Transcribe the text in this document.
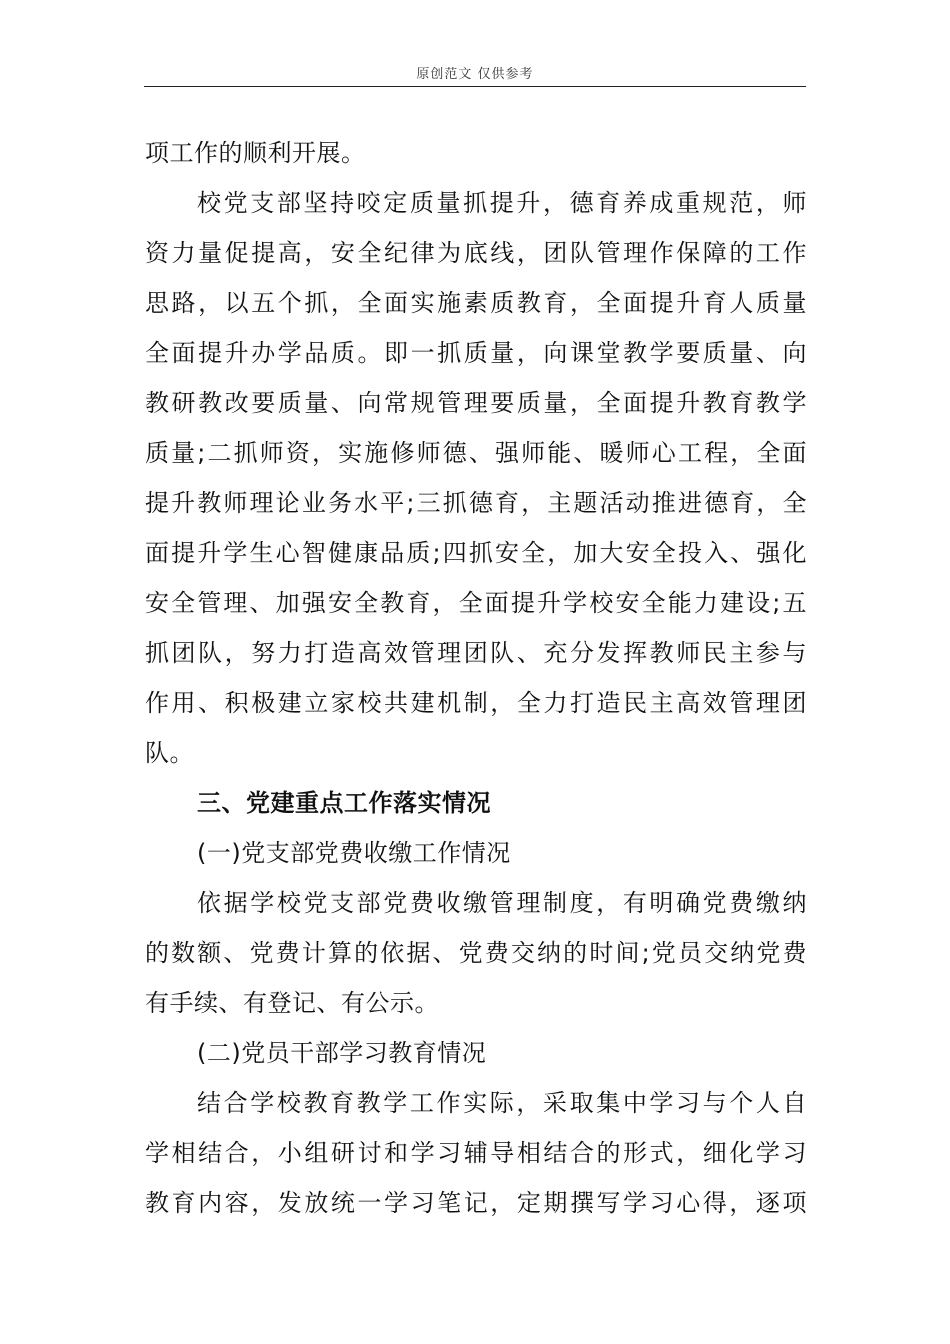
原创范文 仅供参考

项工作的顺利开展。

校党支部坚持咬定质量抓提升，德育养成重规范，师

资力量促提高，安全纪律为底线，团队管理作保障的工作

思路，以五个抓，全面实施素质教育，全面提升育人质量

全面提升办学品质。即一抓质量，向课堂教学要质量、向

教研教改要质量、向常规管理要质量，全面提升教育教学

质量;二抓师资，实施修师德、强师能、暖师心工程，全面

提升教师理论业务水平;三抓德育，主题活动推进德育，全

面提升学生心智健康品质;四抓安全，加大安全投入、强化

安全管理、加强安全教育，全面提升学校安全能力建设;五

抓团队，努力打造高效管理团队、充分发挥教师民主参与

作用、积极建立家校共建机制，全力打造民主高效管理团

队。

三、党建重点工作落实情况

(一)党支部党费收缴工作情况

依据学校党支部党费收缴管理制度，有明确党费缴纳

的数额、党费计算的依据、党费交纳的时间;党员交纳党费

有手续、有登记、有公示。

(二)党员干部学习教育情况

结合学校教育教学工作实际，采取集中学习与个人自

学相结合，小组研讨和学习辅导相结合的形式，细化学习

教育内容，发放统一学习笔记，定期撰写学习心得，逐项
